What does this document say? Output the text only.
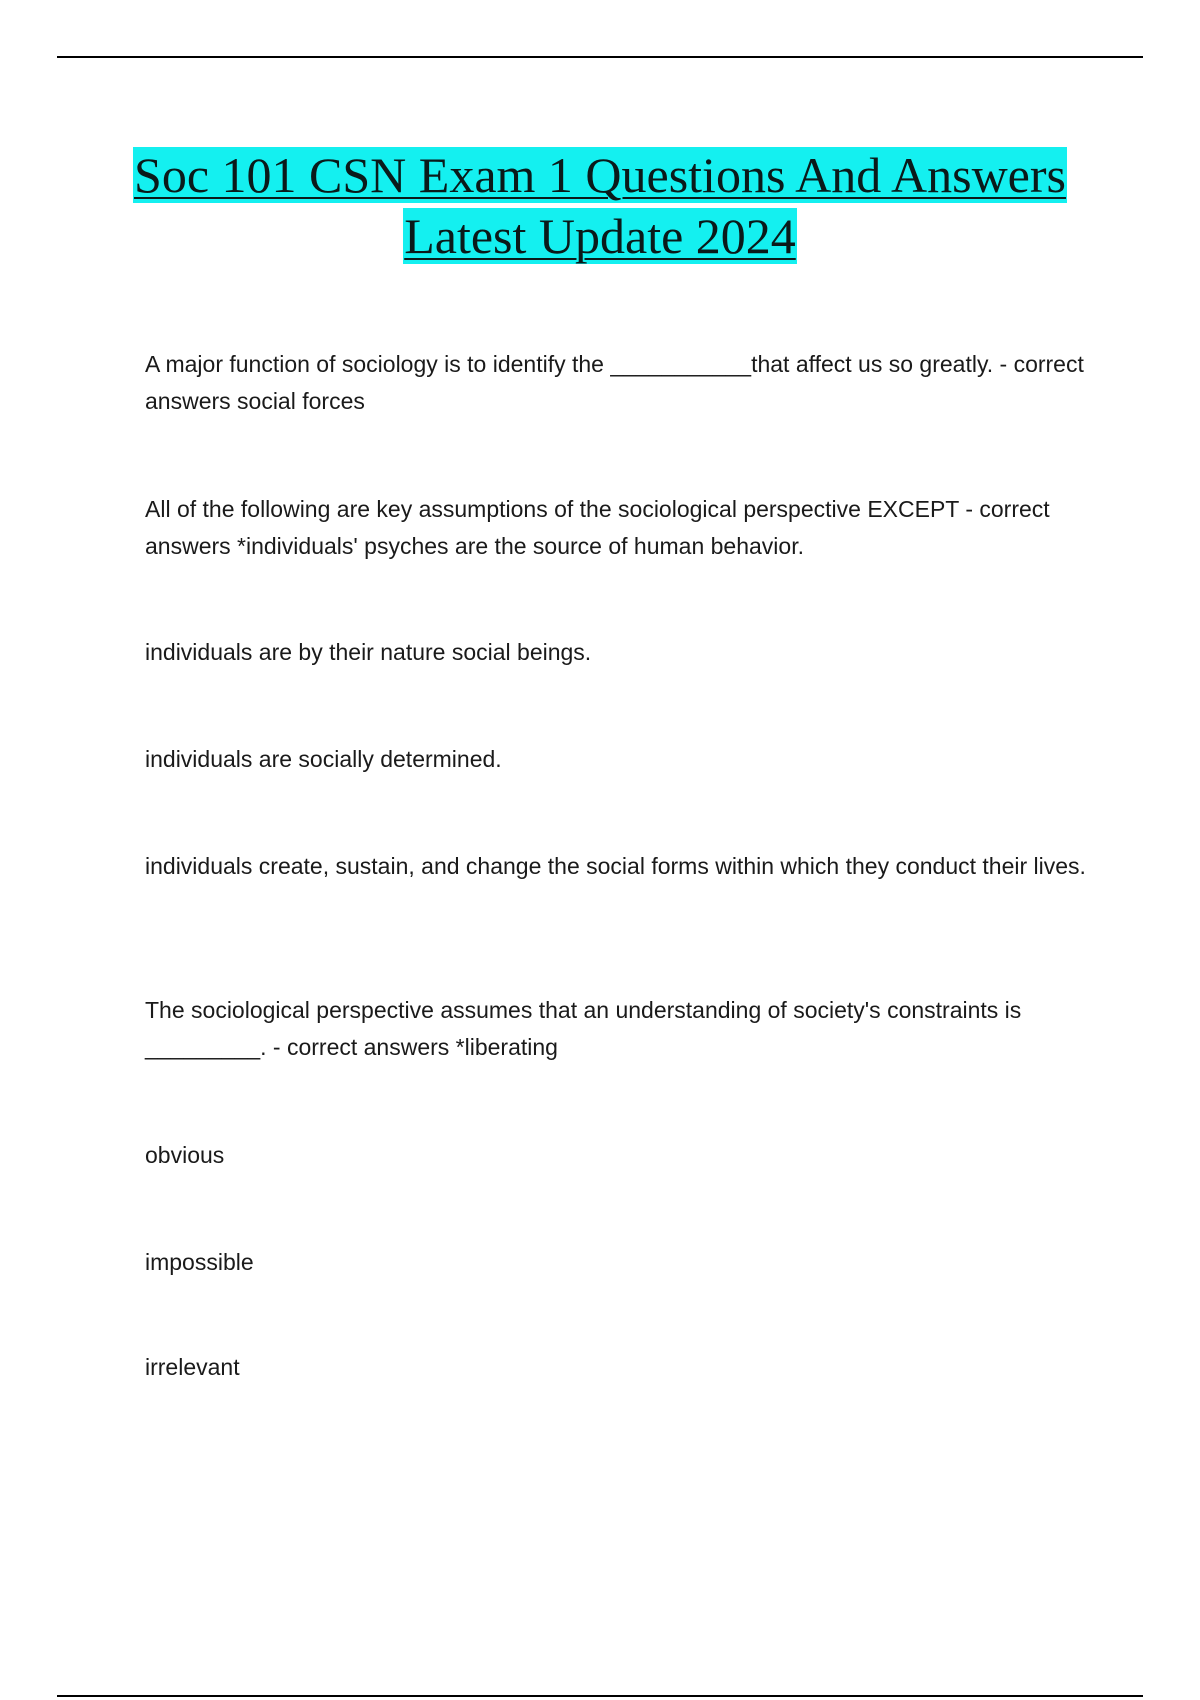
Soc 101 CSN Exam 1 Questions And Answers Latest Update 2024

A major function of sociology is to identify the ___________that affect us so greatly. - correct answers social forces

All of the following are key assumptions of the sociological perspective EXCEPT - correct answers *individuals' psyches are the source of human behavior.

individuals are by their nature social beings.

individuals are socially determined.

individuals create, sustain, and change the social forms within which they conduct their lives.

The sociological perspective assumes that an understanding of society's constraints is _________. - correct answers *liberating

obvious

impossible

irrelevant
